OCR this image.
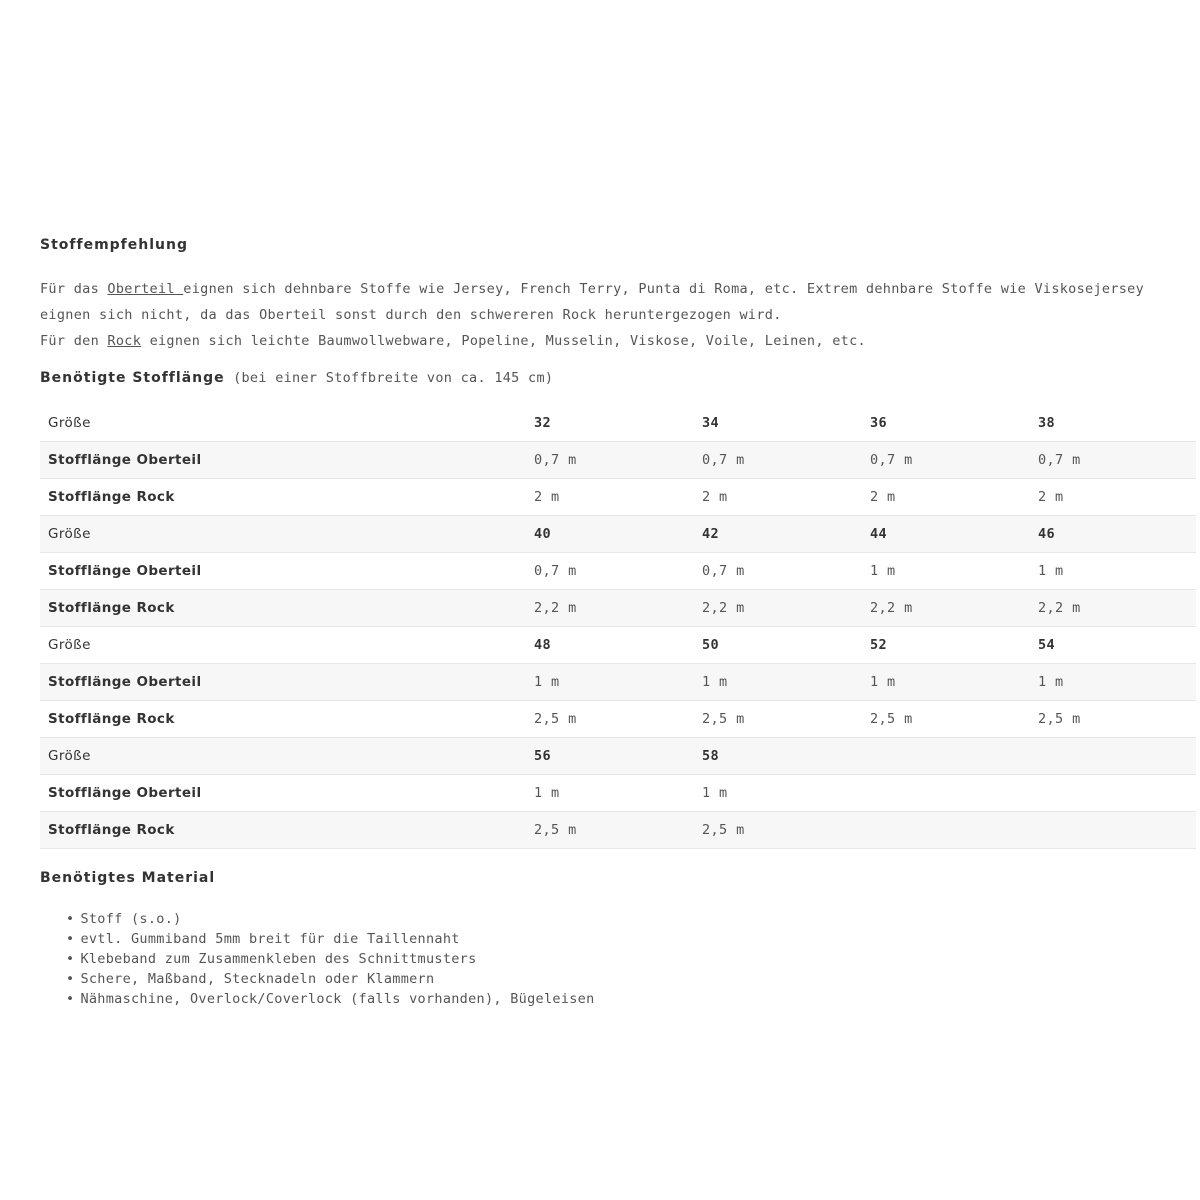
Stoffempfehlung

Für das Oberteil eignen sich dehnbare Stoffe wie Jersey, French Terry, Punta di Roma, etc. Extrem dehnbare Stoffe wie Viskosejersey eignen sich nicht, da das Oberteil sonst durch den schwereren Rock heruntergezogen wird.
Für den Rock eignen sich leichte Baumwollwebware, Popeline, Musselin, Viskose, Voile, Leinen, etc.

Benötigte Stofflänge (bei einer Stoffbreite von ca. 145 cm)
Größe	32	34	36	38
Stofflänge Oberteil	0,7 m	0,7 m	0,7 m	0,7 m
Stofflänge Rock	2 m	2 m	2 m	2 m
Größe	40	42	44	46
Stofflänge Oberteil	0,7 m	0,7 m	1 m	1 m
Stofflänge Rock	2,2 m	2,2 m	2,2 m	2,2 m
Größe	48	50	52	54
Stofflänge Oberteil	1 m	1 m	1 m	1 m
Stofflänge Rock	2,5 m	2,5 m	2,5 m	2,5 m
Größe	56	58		
Stofflänge Oberteil	1 m	1 m		
Stofflänge Rock	2,5 m	2,5 m		

Benötigtes Material

• Stoff (s.o.)
• evtl. Gummiband 5mm breit für die Taillennaht
• Klebeband zum Zusammenkleben des Schnittmusters
• Schere, Maßband, Stecknadeln oder Klammern
• Nähmaschine, Overlock/Coverlock (falls vorhanden), Bügeleisen
